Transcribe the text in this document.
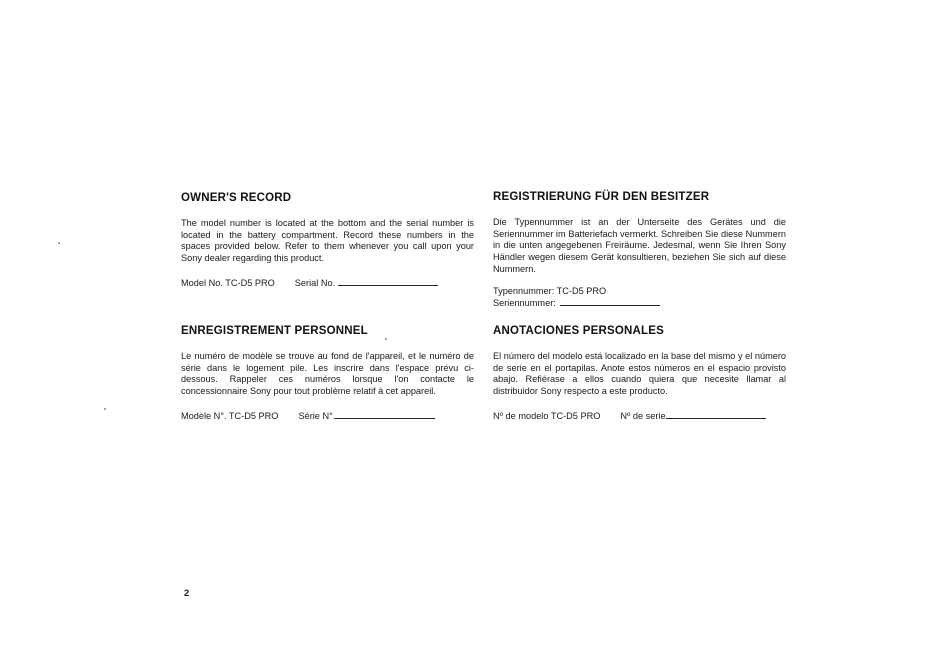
OWNER'S RECORD

The model number is located at the bottom and the serial number is located in the battery compartment. Record these numbers in the spaces provided below. Refer to them whenever you call upon your Sony dealer regarding this product.

Model No. TC-D5 PRO Serial No.
REGISTRIERUNG FÜR DEN BESITZER

Die Typennummer ist an der Unterseite des Gerätes und die Seriennummer im Batteriefach vermerkt. Schreiben Sie diese Nummern in die unten angegebenen Freiräume. Jedesmal, wenn Sie Ihren Sony Händler wegen diesem Gerät konsultieren, beziehen Sie sich auf diese Nummern.

Typennummer: TC-D5 PRO
Seriennummer:
ENREGISTREMENT PERSONNEL

Le numéro de modèle se trouve au fond de l'appareil, et le numéro de série dans le logement pile. Les inscrire dans l'espace prévu ci-dessous. Rappeler ces numéros lorsque l'on contacte le concessionnaire Sony pour tout problème relatif à cet appareil.

Modèle N°. TC-D5 PRO Série N°.
ANOTACIONES PERSONALES

El número del modelo está localizado en la base del mismo y el número de serie en el portapilas. Anote estos números en el espacio provisto abajo. Refiérase a ellos cuando quiera que necesite llamar al distribuidor Sony respecto a este producto.

Nº de modelo TC-D5 PRO Nº de serie
2
